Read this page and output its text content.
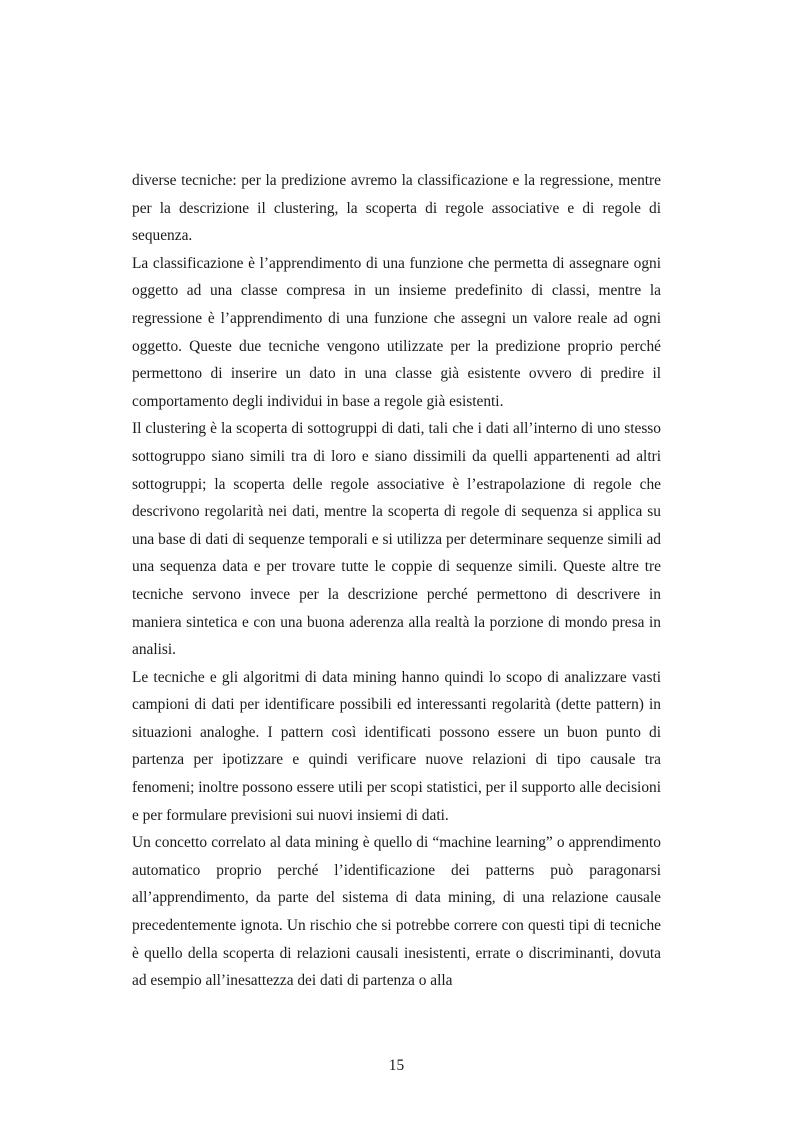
diverse tecniche: per la predizione avremo la classificazione e la regressione, mentre per la descrizione il clustering, la scoperta di regole associative e di regole di sequenza.

La classificazione è l’apprendimento di una funzione che permetta di assegnare ogni oggetto ad una classe compresa in un insieme predefinito di classi, mentre la regressione è l’apprendimento di una funzione che assegni un valore reale ad ogni oggetto. Queste due tecniche vengono utilizzate per la predizione proprio perché permettono di inserire un dato in una classe già esistente ovvero di predire il comportamento degli individui in base a regole già esistenti.

Il clustering è la scoperta di sottogruppi di dati, tali che i dati all’interno di uno stesso sottogruppo siano simili tra di loro e siano dissimili da quelli appartenenti ad altri sottogruppi; la scoperta delle regole associative è l’estrapolazione di regole che descrivono regolarità nei dati, mentre la scoperta di regole di sequenza si applica su una base di dati di sequenze temporali e si utilizza per determinare sequenze simili ad una sequenza data e per trovare tutte le coppie di sequenze simili. Queste altre tre tecniche servono invece per la descrizione perché permettono di descrivere in maniera sintetica e con una buona aderenza alla realtà la porzione di mondo presa in analisi.

Le tecniche e gli algoritmi di data mining hanno quindi lo scopo di analizzare vasti campioni di dati per identificare possibili ed interessanti regolarità (dette pattern) in situazioni analoghe. I pattern così identificati possono essere un buon punto di partenza per ipotizzare e quindi verificare nuove relazioni di tipo causale tra fenomeni; inoltre possono essere utili per scopi statistici, per il supporto alle decisioni e per formulare previsioni sui nuovi insiemi di dati.

Un concetto correlato al data mining è quello di “machine learning” o apprendimento automatico proprio perché l’identificazione dei patterns può paragonarsi all’apprendimento, da parte del sistema di data mining, di una relazione causale precedentemente ignota. Un rischio che si potrebbe correre con questi tipi di tecniche è quello della scoperta di relazioni causali inesistenti, errate o discriminanti, dovuta ad esempio all’inesattezza dei dati di partenza o alla

15
